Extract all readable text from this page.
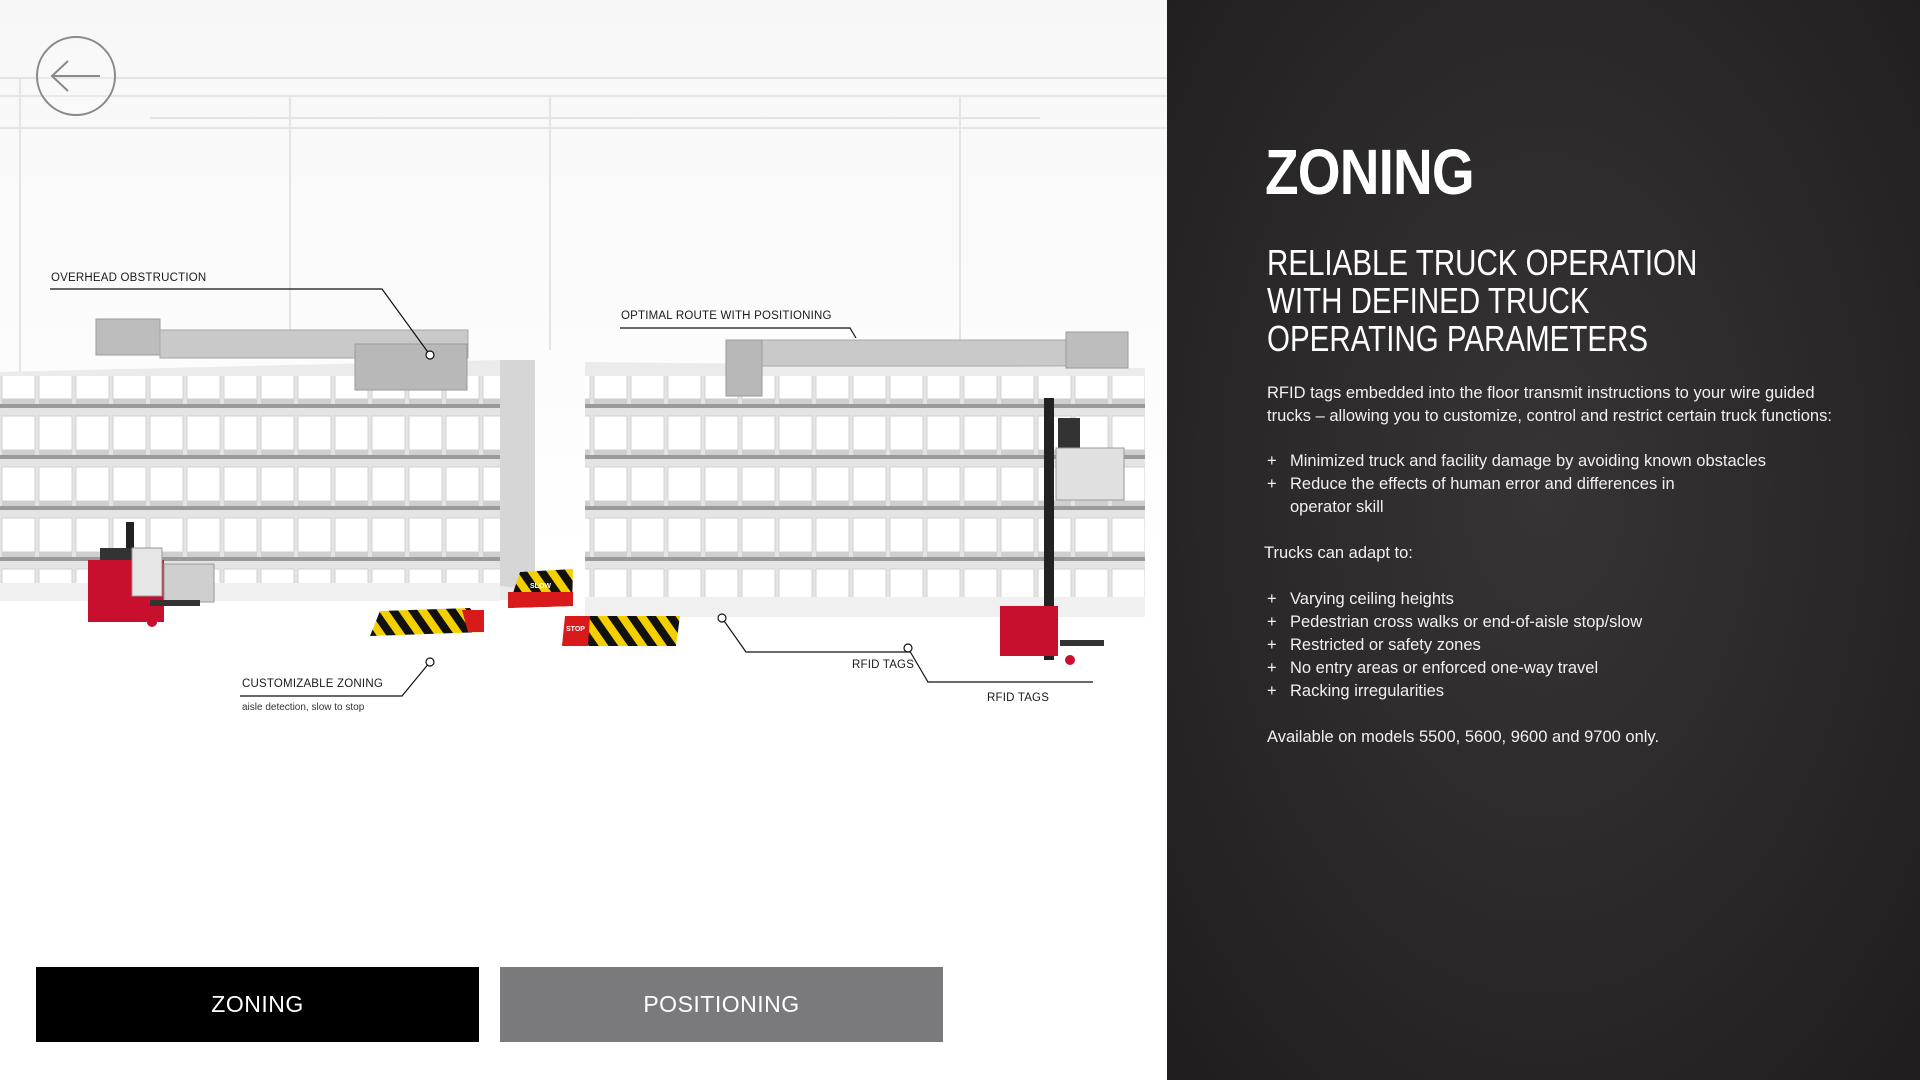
OVERHEAD OBSTRUCTION
OPTIMAL ROUTE WITH POSITIONING
CUSTOMIZABLE ZONING
aisle detection, slow to stop
RFID TAGS
RFID TAGS
SLOW
STOP
ZONING	POSITIONING
ZONING
RELIABLE TRUCK OPERATION
WITH DEFINED TRUCK
OPERATING PARAMETERS
RFID tags embedded into the floor transmit instructions to your wire guided
trucks – allowing you to customize, control and restrict certain truck functions:
+ Minimized truck and facility damage by avoiding known obstacles
+ Reduce the effects of human error and differences in
operator skill
Trucks can adapt to:
+ Varying ceiling heights
+ Pedestrian cross walks or end-of-aisle stop/slow
+ Restricted or safety zones
+ No entry areas or enforced one-way travel
+ Racking irregularities
Available on models 5500, 5600, 9600 and 9700 only.
